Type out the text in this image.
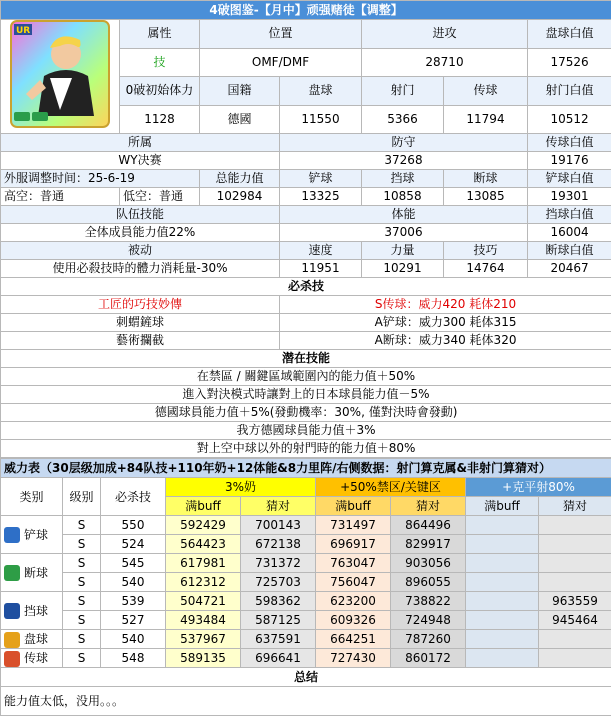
4破图鉴-【月中】顽强赌徒【调整】						

UR	属性	位置		进攻		盘球白值
	技	OMF/DMF		28710		17526
	0破初始体力	国籍	盘球	射门	传球	射门白值
	1128	德國	11550	5366	11794	10512
所属			防守			传球白值
WY决赛			37268			19176
外服调整时间：25-6-19		总能力值	铲球	挡球	断球	铲球白值
高空：普通	低空：普通	102984	13325	10858	13085	19301
队伍技能			体能			挡球白值
全体成員能力值22%			37006			16004
被动			速度	力量	技巧	断球白值
使用必殺技時的體力消耗量-30%			11951	10291	14764	20467
必杀技						
工匠的巧技妙傳			S传球：威力420 耗体210			
刺蝟鏟球			A铲球：威力300 耗体315			
藝術攔截			A断球：威力340 耗体320			
潜在技能						
在禁區 / 關鍵區域範圍內的能力值＋50%						
進入對決模式時讓對上的日本球員能力值－5%						
德國球員能力值＋5%(發動機率：30%, 僅對決時會發動)						
我方德國球員能力值＋3%						
對上空中球以外的射門時的能力值＋80%						
威力表（30层级加成+84队技+110年奶+12体能&8力里阵/右侧数据：射门算克属&非射门算猜对）								
类别	级别	必杀技	3%奶		+50%禁区/关键区		+克平射80%	
			满buff	猜对	满buff	猜对	满buff	猜对
铲球	S	550	592429	700143	731497	864496		
	S	524	564423	672138	696917	829917		
断球	S	545	617981	731372	763047	903056		
	S	540	612312	725703	756047	896055		
挡球	S	539	504721	598362	623200	738822		963559
	S	527	493484	587125	609326	724948		945464
盘球	S	540	537967	637591	664251	787260		
传球	S	548	589135	696641	727430	860172		
总结								
能力值太低，没用。。。								
